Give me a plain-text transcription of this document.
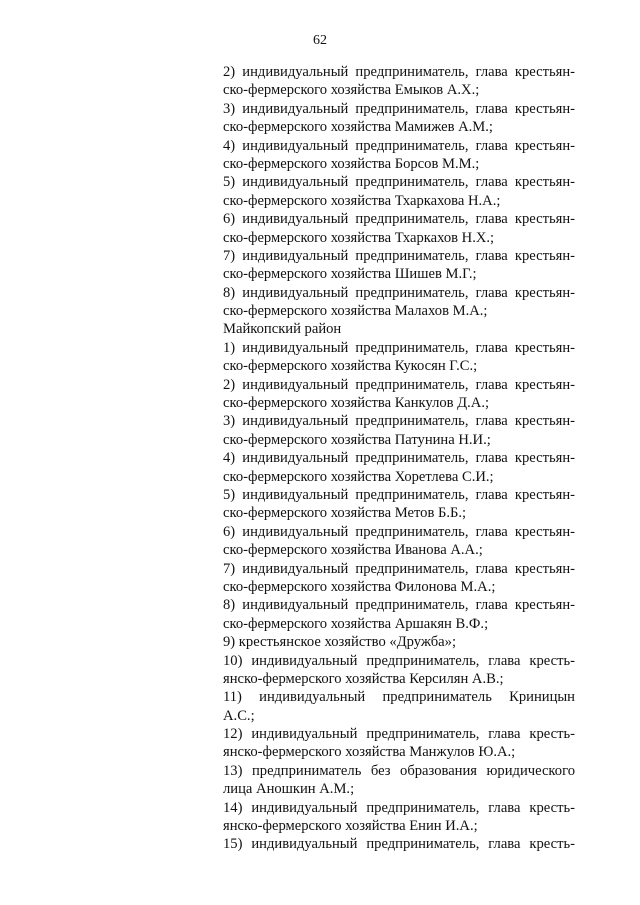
62
2) индивидуальный предприниматель, глава крестьян-
ско-фермерского хозяйства Емыков А.Х.;
3) индивидуальный предприниматель, глава крестьян-
ско-фермерского хозяйства Мамижев А.М.;
4) индивидуальный предприниматель, глава крестьян-
ско-фермерского хозяйства Борсов М.М.;
5) индивидуальный предприниматель, глава крестьян-
ско-фермерского хозяйства Тхаркахова Н.А.;
6) индивидуальный предприниматель, глава крестьян-
ско-фермерского хозяйства Тхаркахов Н.Х.;
7) индивидуальный предприниматель, глава крестьян-
ско-фермерского хозяйства Шишев М.Г.;
8) индивидуальный предприниматель, глава крестьян-
ско-фермерского хозяйства Малахов М.А.;
Майкопский район
1) индивидуальный предприниматель, глава крестьян-
ско-фермерского хозяйства Кукосян Г.С.;
2) индивидуальный предприниматель, глава крестьян-
ско-фермерского хозяйства Канкулов Д.А.;
3) индивидуальный предприниматель, глава крестьян-
ско-фермерского хозяйства Патунина Н.И.;
4) индивидуальный предприниматель, глава крестьян-
ско-фермерского хозяйства Хоретлева С.И.;
5) индивидуальный предприниматель, глава крестьян-
ско-фермерского хозяйства Метов Б.Б.;
6) индивидуальный предприниматель, глава крестьян-
ско-фермерского хозяйства Иванова А.А.;
7) индивидуальный предприниматель, глава крестьян-
ско-фермерского хозяйства Филонова М.А.;
8) индивидуальный предприниматель, глава крестьян-
ско-фермерского хозяйства Аршакян В.Ф.;
9) крестьянское хозяйство «Дружба»;
10) индивидуальный предприниматель, глава кресть-
янско-фермерского хозяйства Керсилян А.В.;
11) индивидуальный предприниматель Криницын
А.С.;
12) индивидуальный предприниматель, глава кресть-
янско-фермерского хозяйства Манжулов Ю.А.;
13) предприниматель без образования юридического
лица Аношкин А.М.;
14) индивидуальный предприниматель, глава кресть-
янско-фермерского хозяйства Енин И.А.;
15) индивидуальный предприниматель, глава кресть-
